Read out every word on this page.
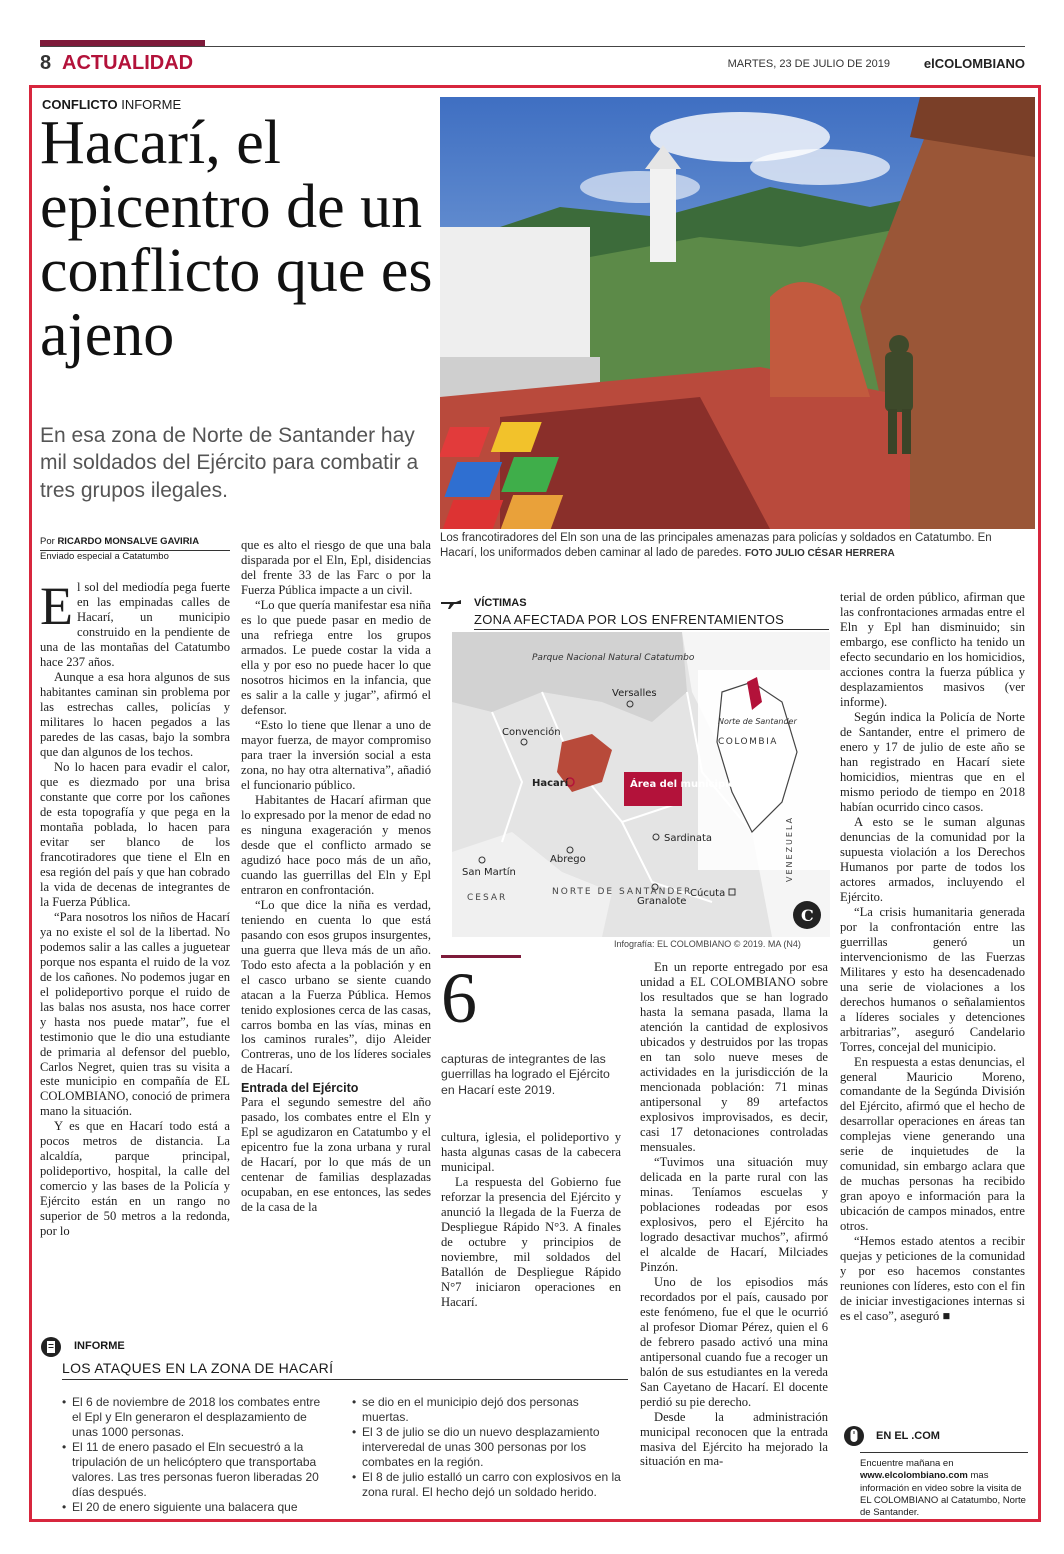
8 ACTUALIDAD	MARTES, 23 DE JULIO DE 2019	elCOLOMBIANO
CONFLICTO INFORME
Hacarí, el epicentro de un conflicto que es ajeno
En esa zona de Norte de Santander hay mil soldados del Ejército para combatir a tres grupos ilegales.
Los francotiradores del Eln son una de las principales amenazas para policías y soldados en Catatumbo. En Hacarí, los uniformados deben caminar al lado de paredes. FOTO JULIO CÉSAR HERRERA
Por RICARDO MONSALVE GAVIRIA
Enviado especial a Catatumbo

El sol del mediodía pega fuerte en las empinadas calles de Hacarí, un municipio construido en la pendiente de una de las montañas del Catatumbo hace 237 años.

Aunque a esa hora algunos de sus habitantes caminan sin problema por las estrechas calles, policías y militares lo hacen pegados a las paredes de las casas, bajo la sombra que dan algunos de los techos.

No lo hacen para evadir el calor, que es diezmado por una brisa constante que corre por los cañones de esta topografía y que pega en la montaña poblada, lo hacen para evitar ser blanco de los francotiradores que tiene el Eln en esa región del país y que han cobrado la vida de decenas de integrantes de la Fuerza Pública.

“Para nosotros los niños de Hacarí ya no existe el sol de la libertad. No podemos salir a las calles a juguetear porque nos espanta el ruido de la voz de los cañones. No podemos jugar en el polideportivo porque el ruido de las balas nos asusta, nos hace correr y hasta nos puede matar”, fue el testimonio que le dio una estudiante de primaria al defensor del pueblo, Carlos Negret, quien tras su visita a este municipio en compañía de EL COLOMBIANO, conoció de primera mano la situación.

Y es que en Hacarí todo está a pocos metros de distancia. La alcaldía, parque principal, polideportivo, hospital, la calle del comercio y las bases de la Policía y Ejército están en un rango no superior de 50 metros a la redonda, por lo

que es alto el riesgo de que una bala disparada por el Eln, Epl, disidencias del frente 33 de las Farc o por la Fuerza Pública impacte a un civil.

“Lo que quería manifestar esa niña es lo que puede pasar en medio de una refriega entre los grupos armados. Le puede costar la vida a ella y por eso no puede hacer lo que nosotros hicimos en la infancia, que es salir a la calle y jugar”, afirmó el defensor.

“Esto lo tiene que llenar a uno de mayor fuerza, de mayor compromiso para traer la inversión social a esta zona, no hay otra alternativa”, añadió el funcionario público.

Habitantes de Hacarí afirman que lo expresado por la menor de edad no es ninguna exageración y menos desde que el conflicto armado se agudizó hace poco más de un año, cuando las guerrillas del Eln y Epl entraron en confrontación.

“Lo que dice la niña es verdad, teniendo en cuenta lo que está pasando con esos grupos insurgentes, una guerra que lleva más de un año. Todo esto afecta a la población y en el casco urbano se siente cuando atacan a la Fuerza Pública. Hemos tenido explosiones cerca de las casas, carros bomba en las vías, minas en los caminos rurales”, dijo Aleider Contreras, uno de los líderes sociales de Hacarí.

Entrada del Ejército

Para el segundo semestre del año pasado, los combates entre el Eln y Epl se agudizaron en Catatumbo y el epicentro fue la zona urbana y rural de Hacarí, por lo que más de un centenar de familias desplazadas ocupaban, en ese entonces, las sedes de la casa de la

VÍCTIMAS
ZONA AFECTADA POR LOS ENFRENTAMIENTOS
Parque Nacional Natural Catatumbo
Versalles
Convención
Hacarí
Sardinata
Abrego
San Martín
Cúcuta
Granalote
Área del municipio
NORTE DE SANTANDER
CESAR
VENEZUELA
Norte de Santander
COLOMBIA
C
Infografía: EL COLOMBIANO © 2019. MA (N4)
6
capturas de integrantes de las guerrillas ha logrado el Ejército en Hacarí este 2019.

cultura, iglesia, el polideportivo y hasta algunas casas de la cabecera municipal.

La respuesta del Gobierno fue reforzar la presencia del Ejército y anunció la llegada de la Fuerza de Despliegue Rápido N°3. A finales de octubre y principios de noviembre, mil soldados del Batallón de Despliegue Rápido N°7 iniciaron operaciones en Hacarí.

En un reporte entregado por esa unidad a EL COLOMBIANO sobre los resultados que se han logrado hasta la semana pasada, llama la atención la cantidad de explosivos ubicados y destruidos por las tropas en tan solo nueve meses de actividades en la jurisdicción de la mencionada población: 71 minas antipersonal y 89 artefactos explosivos improvisados, es decir, casi 17 detonaciones controladas mensuales.

“Tuvimos una situación muy delicada en la parte rural con las minas. Teníamos escuelas y poblaciones rodeadas por esos explosivos, pero el Ejército ha logrado desactivar muchos”, afirmó el alcalde de Hacarí, Milciades Pinzón.

Uno de los episodios más recordados por el país, causado por este fenómeno, fue el que le ocurrió al profesor Diomar Pérez, quien el 6 de febrero pasado activó una mina antipersonal cuando fue a recoger un balón de sus estudiantes en la vereda San Cayetano de Hacarí. El docente perdió su pie derecho.

Desde la administración municipal reconocen que la entrada masiva del Ejército ha mejorado la situación en ma-

terial de orden público, afirman que las confrontaciones armadas entre el Eln y Epl han disminuido; sin embargo, ese conflicto ha tenido un efecto secundario en los homicidios, acciones contra la fuerza pública y desplazamientos masivos (ver informe).

Según indica la Policía de Norte de Santander, entre el primero de enero y 17 de julio de este año se han registrado en Hacarí siete homicidios, mientras que en el mismo periodo de tiempo en 2018 habían ocurrido cinco casos.

A esto se le suman algunas denuncias de la comunidad por la supuesta violación a los Derechos Humanos por parte de todos los actores armados, incluyendo el Ejército.

“La crisis humanitaria generada por la confrontación entre las guerrillas generó un intervencionismo de las Fuerzas Militares y esto ha desencadenado una serie de violaciones a los derechos humanos o señalamientos a líderes sociales y detenciones arbitrarias”, aseguró Candelario Torres, concejal del municipio.

En respuesta a estas denuncias, el general Mauricio Moreno, comandante de la Segúnda División del Ejército, afirmó que el hecho de desarrollar operaciones en áreas tan complejas viene generando una serie de inquietudes de la comunidad, sin embargo aclara que de muchas personas ha recibido gran apoyo e información para la ubicación de campos minados, entre otros.

“Hemos estado atentos a recibir quejas y peticiones de la comunidad y por eso hacemos constantes reuniones con líderes, esto con el fin de iniciar investigaciones internas si es el caso”, aseguró ■

INFORME
LOS ATAQUES EN LA ZONA DE HACARÍ
• El 6 de noviembre de 2018 los combates entre el Epl y Eln generaron el desplazamiento de unas 1000 personas.
• El 11 de enero pasado el Eln secuestró a la tripulación de un helicóptero que transportaba valores. Las tres personas fueron liberadas 20 días después.
• El 20 de enero siguiente una balacera que
• se dio en el municipio dejó dos personas muertas.
• El 3 de julio se dio un nuevo desplazamiento interveredal de unas 300 personas por los combates en la región.
• El 8 de julio estalló un carro con explosivos en la zona rural. El hecho dejó un soldado herido.
EN EL .COM
Encuentre mañana en www.elcolombiano.com mas información en video sobre la visita de EL COLOMBIANO al Catatumbo, Norte de Santander.
